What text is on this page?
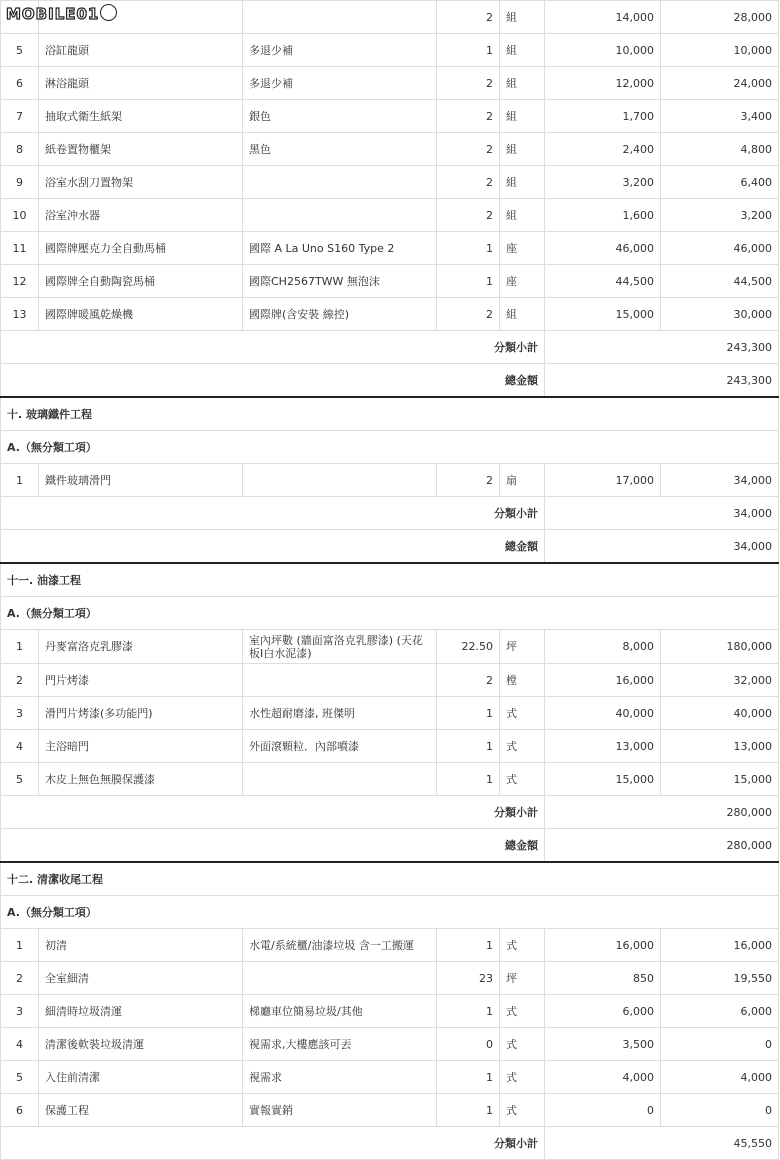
MOBILE01
				2	組	14,000	28,000
5	浴缸龍頭	多退少補	1	組	10,000	10,000
6	淋浴龍頭	多退少補	2	組	12,000	24,000
7	抽取式衛生紙架	銀色	2	組	1,700	3,400
8	紙卷置物櫃架	黑色	2	組	2,400	4,800
9	浴室水刮刀置物架		2	組	3,200	6,400
10	浴室沖水器		2	組	1,600	3,200
11	國際牌壓克力全自動馬桶	國際 A La Uno S160 Type 2	1	座	46,000	46,000
12	國際牌全自動陶瓷馬桶	國際CH2567TWW 無泡沫	1	座	44,500	44,500
13	國際牌暖風乾燥機	國際牌(含安裝 線控)	2	組	15,000	30,000
分類小計					243,300	
總金額					243,300	
十. 玻璃鐵件工程						
A.（無分類工項）						
1	鐵件玻璃滑門		2	扇	17,000	34,000
分類小計					34,000	
總金額					34,000	
十一. 油漆工程						
A.（無分類工項）						
1	丹麥富洛克乳膠漆	室內坪數 (牆面富洛克乳膠漆) (天花板I白水泥漆)	22.50	坪	8,000	180,000
2	門片烤漆		2	樘	16,000	32,000
3	滑門片烤漆(多功能門)	水性超耐磨漆, 班傑明	1	式	40,000	40,000
4	主浴暗門	外面滾顆粒．內部噴漆	1	式	13,000	13,000
5	木皮上無色無膜保護漆		1	式	15,000	15,000
分類小計					280,000	
總金額					280,000	
十二. 清潔收尾工程						
A.（無分類工項）						
1	初清	水電/系統櫃/油漆垃圾 含一工搬運	1	式	16,000	16,000
2	全室細清		23	坪	850	19,550
3	細清時垃圾清運	梯廳車位簡易垃圾/其他	1	式	6,000	6,000
4	清潔後軟裝垃圾清運	視需求,大樓應該可丟	0	式	3,500	0
5	入住前清潔	視需求	1	式	4,000	4,000
6	保護工程	實報實銷	1	式	0	0
分類小計					45,550	
